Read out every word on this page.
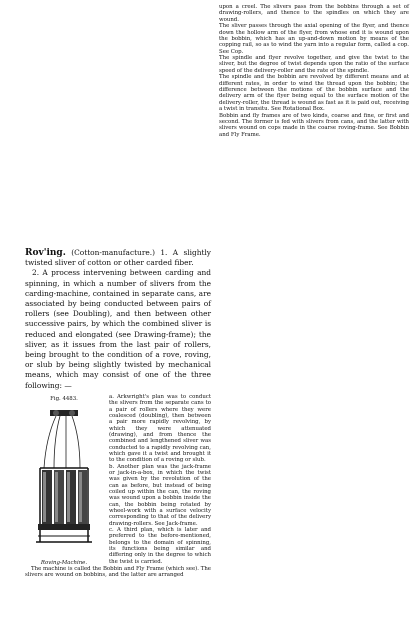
upon a creel. The slivers pass from the bobbins through a set of drawing-rollers, and thence to the spindles on which they are wound.

The sliver passes through the axial opening of the flyer, and thence down the hollow arm of the flyer, from whose end it is wound upon the bobbin, which has an up-and-down motion by means of the copping rail, so as to wind the yarn into a regular form, called a cop. See Cop.

The spindle and flyer revolve together, and give the twist to the sliver, but the degree of twist depends upon the ratio of the surface speed of the delivery-roller and the rate of the spindle.

The spindle and the bobbin are revolved by different means and at different rates, in order to wind the thread upon the bobbin; the difference between the motions of the bobbin surface and the delivery arm of the flyer being equal to the surface motion of the delivery-roller, the thread is wound as fast as it is paid out, receiving a twist in transitu. See Rotational Box.

Bobbin and fly frames are of two kinds, coarse and fine, or first and second. The former is fed with slivers from cans, and the latter with slivers wound on cops made in the coarse roving-frame. See Bobbin and Fly Frame.

Rov'ing. (Cotton-manufacture.) 1. A slightly twisted sliver of cotton or other carded fiber.

2. A process intervening between carding and spinning, in which a number of slivers from the carding-machine, contained in separate cans, are associated by being conducted between pairs of rollers (see Doubling), and then between other successive pairs, by which the combined sliver is reduced and elongated (see Drawing-frame); the sliver, as it issues from the last pair of rollers, being brought to the condition of a rove, roving, or slub by being slightly twisted by mechanical means, which may consist of one of the three following: —

Fig. 4483.
Roving-Machine.
a. Arkwright's plan was to conduct the slivers from the separate cans to a pair of rollers where they were coalesced (doubling), then between a pair more rapidly revolving, by which they were attenuated (drawing), and from thence the combined and lengthened sliver was conducted to a rapidly revolving can, which gave it a twist and brought it to the condition of a roving or slub.
b. Another plan was the jack-frame or jack-in-a-box, in which the twist was given by the revolution of the can as before, but instead of being coiled up within the can, the roving was wound upon a bobbin inside the can, the bobbin being rotated by wheel-work with a surface velocity corresponding to that of the delivery drawing-rollers. See Jack-frame.
c. A third plan, which is later and preferred to the before-mentioned, belongs to the domain of spinning, its functions being similar and differing only in the degree to which the twist is carried.

The machine is called the Bobbin and Fly Frame (which see). The slivers are wound on bobbins, and the latter are arranged
